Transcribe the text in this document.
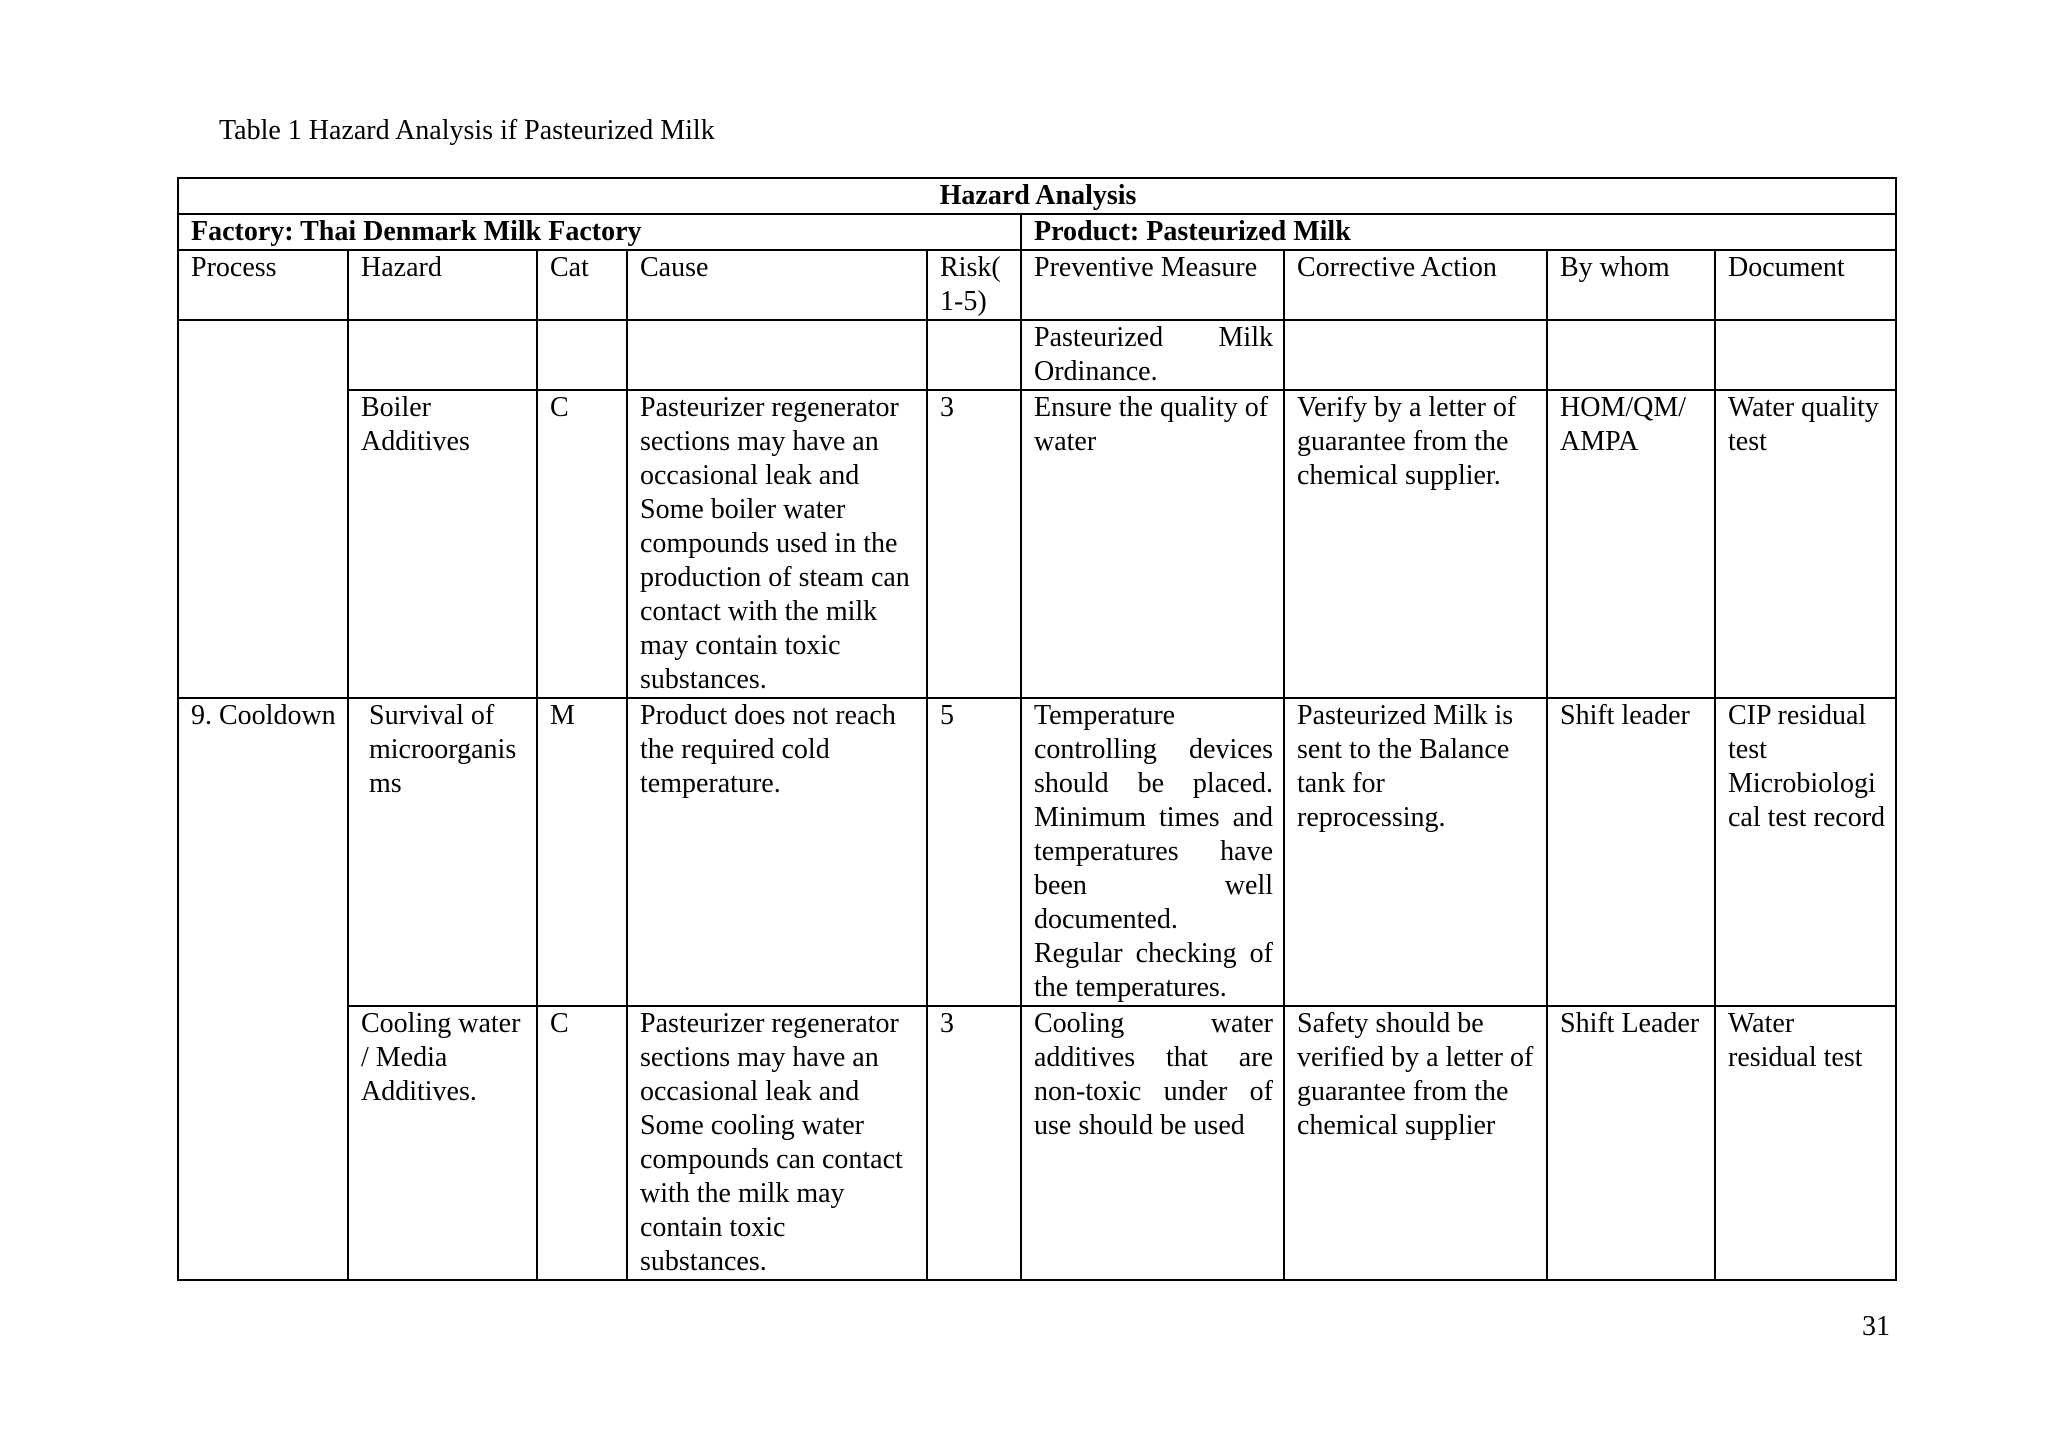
Table 1 Hazard Analysis if Pasteurized Milk
Hazard Analysis								
Factory: Thai Denmark Milk Factory					Product: Pasteurized Milk			
Process	Hazard	Cat	Cause	Risk(1-5)	Preventive Measure	Corrective Action	By whom	Document
					Pasteurized Milk Ordinance.			
	Boiler Additives	C	Pasteurizer regenerator sections may have an occasional leak and Some boiler water compounds used in the production of steam can contact with the milk may contain toxic substances.	3	Ensure the quality of water	Verify by a letter of guarantee from the chemical supplier.	HOM/QM/AMPA	Water quality test
9. Cooldown	Survival of microorganisms	M	Product does not reach the required cold temperature.	5	Temperature controlling devices should be placed. Minimum times and temperatures have been well documented. Regular checking of the temperatures.	Pasteurized Milk is sent to the Balance tank for reprocessing.	Shift leader	CIP residual test Microbiological test record
	Cooling water / Media Additives.	C	Pasteurizer regenerator sections may have an occasional leak and Some cooling water compounds can contact with the milk may contain toxic substances.	3	Cooling water additives that are non-toxic under of use should be used	Safety should be verified by a letter of guarantee from the chemical supplier	Shift Leader	Water residual test
31
